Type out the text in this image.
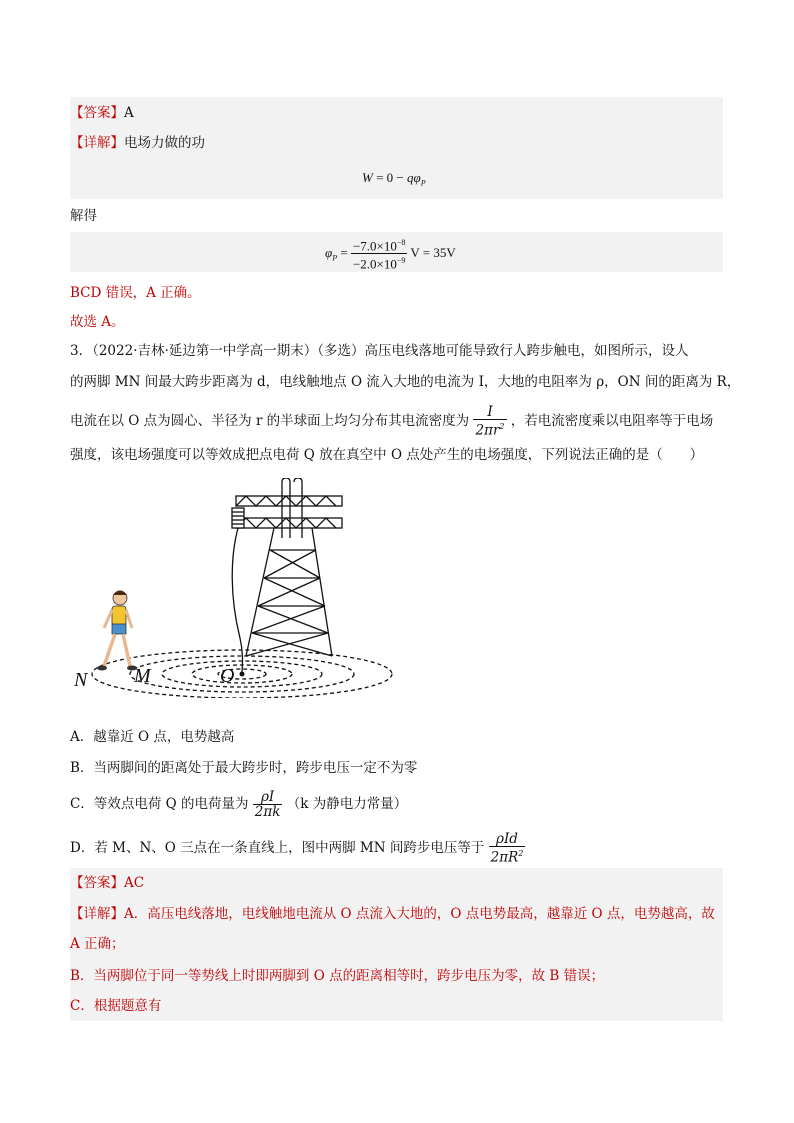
【答案】A
【详解】电场力做的功
$W = 0 - q\varphi_P$
解得
$\varphi_P = \frac{-7.0\times 10^{-8}}{-2.0\times 10^{-9}}$ V = 35V
BCD 错误，A 正确。
故选 A。
3．（2022·吉林·延边第一中学高一期末）（多选）高压电线落地可能导致行人跨步触电，如图所示，设人
的两脚 MN 间最大跨步距离为 d，电线触地点 O 流入大地的电流为 I，大地的电阻率为 ρ，ON 间的距离为 R，
电流在以 O 点为圆心、半径为 r 的半球面上均匀分布其电流密度为 $\frac{I}{2\pi r^2}$ ，若电流密度乘以电阻率等于电场
强度，该电场强度可以等效成把点电荷 Q 放在真空中 O 点处产生的电场强度，下列说法正确的是（　　）
N M	O
A．越靠近 O 点，电势越高
B．当两脚间的距离处于最大跨步时，跨步电压一定不为零
C．等效点电荷 Q 的电荷量为 $\frac{\rho I}{2\pi k} (k$ 为静电力常量）
D．若 M、N、O 三点在一条直线上，图中两脚 MN 间跨步电压等于 $\frac{\text{ρId}}{2\pi R^2}$
【答案】AC
【详解】A．高压电线落地，电线触地电流从 O 点流入大地的，O 点电势最高，越靠近 O 点，电势越高，故
A 正确；
B．当两脚位于同一等势线上时即两脚到 O 点的距离相等时，跨步电压为零，故 B 错误；
C．根据题意有
